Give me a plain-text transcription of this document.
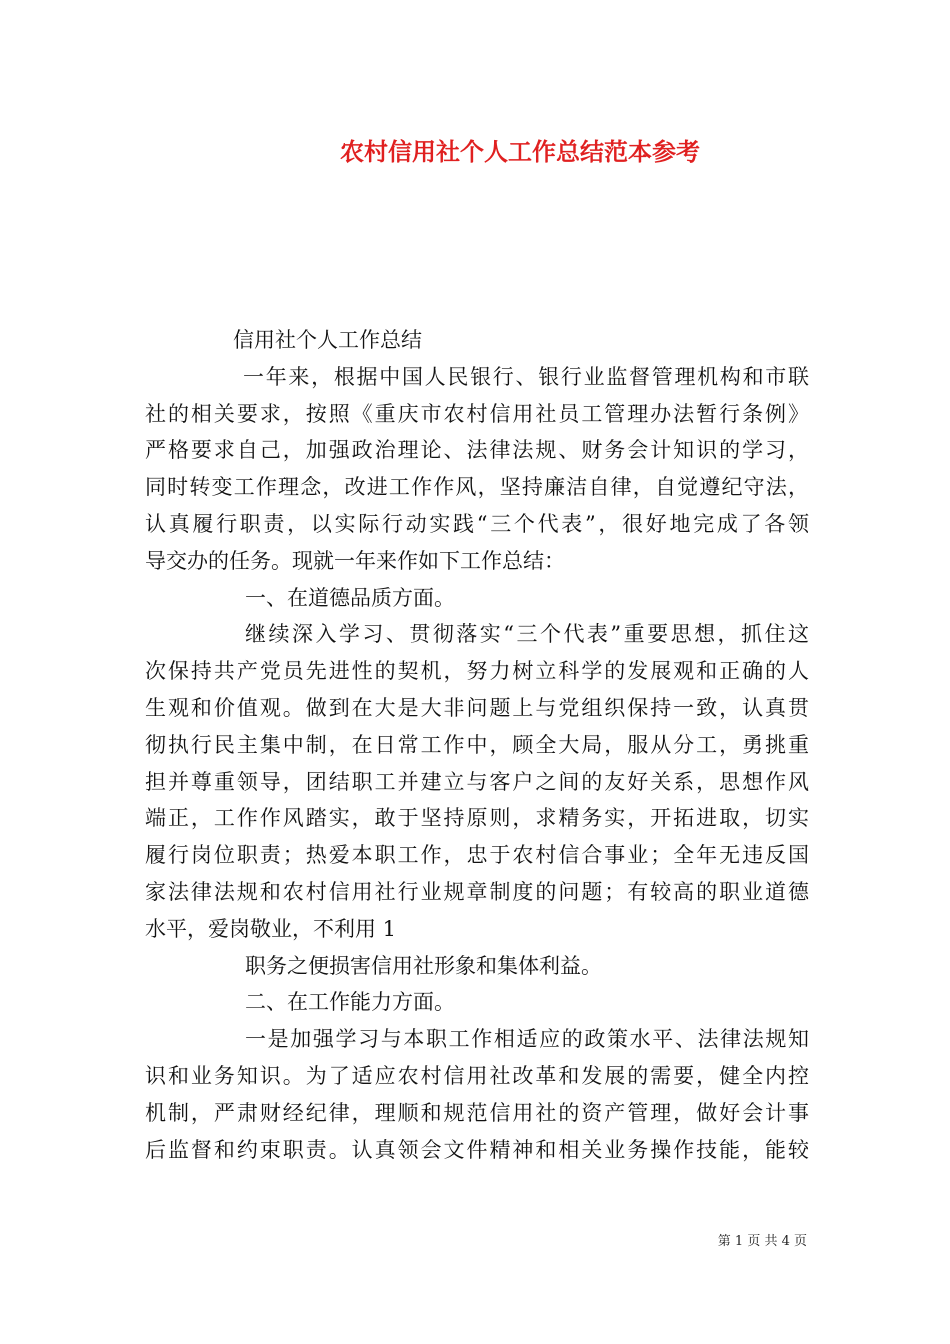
农村信用社个人工作总结范本参考
信用社个人工作总结
一年来，根据中国人民银行、银行业监督管理机构和市联
社的相关要求，按照《重庆市农村信用社员工管理办法暂行条例》
严格要求自己，加强政治理论、法律法规、财务会计知识的学习，
同时转变工作理念，改进工作作风，坚持廉洁自律，自觉遵纪守法，
认真履行职责，以实际行动实践“三个代表”，很好地完成了各领
导交办的任务。现就一年来作如下工作总结：
一、在道德品质方面。
继续深入学习、贯彻落实“三个代表”重要思想，抓住这
次保持共产党员先进性的契机，努力树立科学的发展观和正确的人
生观和价值观。做到在大是大非问题上与党组织保持一致，认真贯
彻执行民主集中制，在日常工作中，顾全大局，服从分工，勇挑重
担并尊重领导，团结职工并建立与客户之间的友好关系，思想作风
端正，工作作风踏实，敢于坚持原则，求精务实，开拓进取，切实
履行岗位职责；热爱本职工作，忠于农村信合事业；全年无违反国
家法律法规和农村信用社行业规章制度的问题；有较高的职业道德
水平，爱岗敬业，不利用 1
职务之便损害信用社形象和集体利益。
二、在工作能力方面。
一是加强学习与本职工作相适应的政策水平、法律法规知
识和业务知识。为了适应农村信用社改革和发展的需要，健全内控
机制，严肃财经纪律，理顺和规范信用社的资产管理，做好会计事
后监督和约束职责。认真领会文件精神和相关业务操作技能，能较
第 1 页 共 4 页
